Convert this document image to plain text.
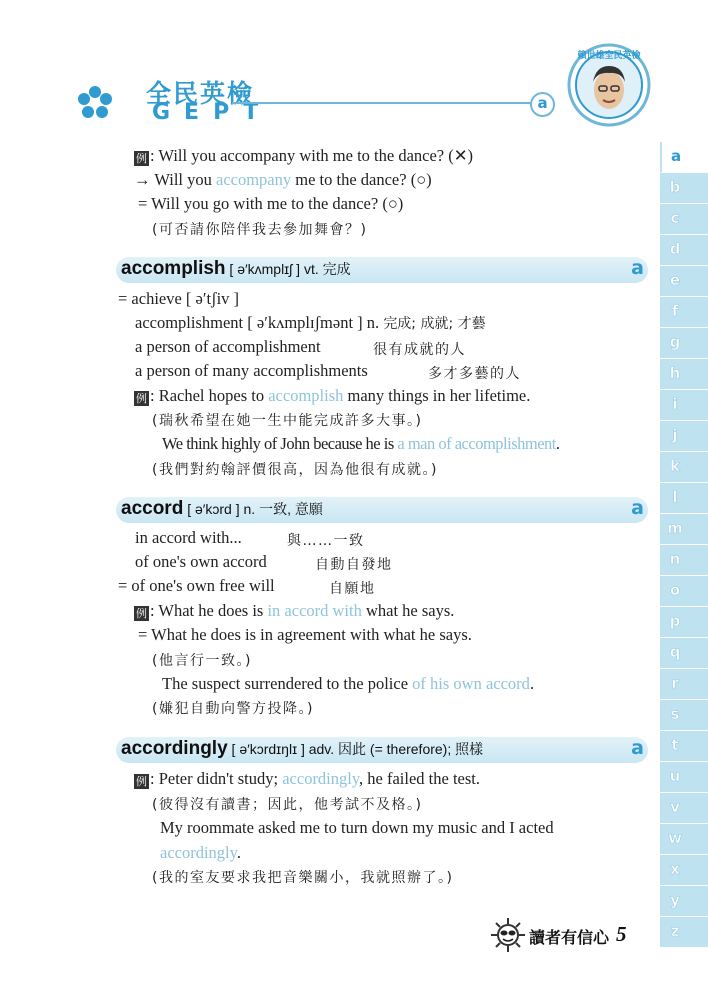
全民英檢
GEPT	a
賴世雄全民英檢
a
b
c
d
e
f
g
h
i
j
k
l
m
n
o
p
q
r
s
t
u
v
w
x
y
z
例 : Will you accompany with me to the dance? (✕)
→ Will you accompany me to the dance? (○)
= Will you go with me to the dance? (○)
(可否請你陪伴我去參加舞會？)
accomplish [ ə′kʌmplɪʃ ] vt. 完成	a
= achieve [ ə′tʃiv ]
accomplishment [ ə′kʌmplɪʃmənt ] n. 完成; 成就; 才藝
a person of accomplishment	很有成就的人
a person of many accomplishments	多才多藝的人
例 : Rachel hopes to accomplish many things in her lifetime.
(瑞秋希望在她一生中能完成許多大事。)
We think highly of John because he is a man of accomplishment.
(我們對約翰評價很高，因為他很有成就。)
accord [ ə′kɔrd ] n. 一致, 意願	a
in accord with...	與……一致
of one's own accord	自動自發地
= of one's own free will	自願地
例 : What he does is in accord with what he says.
= What he does is in agreement with what he says.
(他言行一致。)
The suspect surrendered to the police of his own accord.
(嫌犯自動向警方投降。)
accordingly [ ə′kɔrdɪŋlɪ ] adv. 因此 (= therefore); 照樣	a
例 : Peter didn't study; accordingly, he failed the test.
(彼得沒有讀書；因此，他考試不及格。)
My roommate asked me to turn down my music and I acted
accordingly.
(我的室友要求我把音樂關小，我就照辦了。)
讀者有信心 5
